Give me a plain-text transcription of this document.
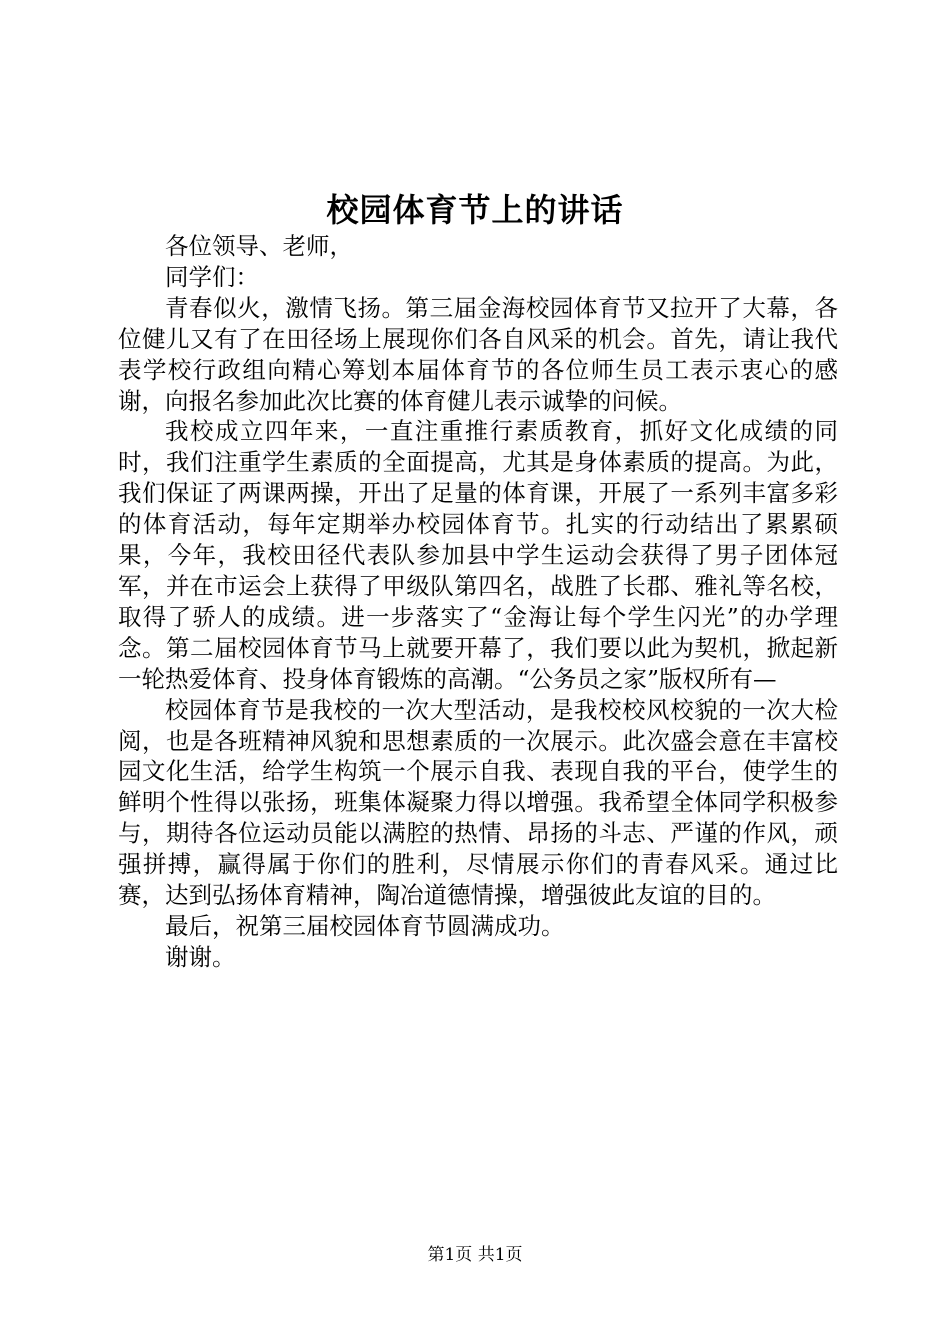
校园体育节上的讲话

各位领导、老师，

同学们：

青春似火，激情飞扬。第三届金海校园体育节又拉开了大幕，各位健儿又有了在田径场上展现你们各自风采的机会。首先，请让我代表学校行政组向精心筹划本届体育节的各位师生员工表示衷心的感谢，向报名参加此次比赛的体育健儿表示诚挚的问候。

我校成立四年来，一直注重推行素质教育，抓好文化成绩的同时，我们注重学生素质的全面提高，尤其是身体素质的提高。为此，我们保证了两课两操，开出了足量的体育课，开展了一系列丰富多彩的体育活动，每年定期举办校园体育节。扎实的行动结出了累累硕果，今年，我校田径代表队参加县中学生运动会获得了男子团体冠军，并在市运会上获得了甲级队第四名，战胜了长郡、雅礼等名校，取得了骄人的成绩。进一步落实了“金海让每个学生闪光”的办学理念。第二届校园体育节马上就要开幕了，我们要以此为契机，掀起新一轮热爱体育、投身体育锻炼的高潮。“公务员之家”版权所有—

校园体育节是我校的一次大型活动，是我校校风校貌的一次大检阅，也是各班精神风貌和思想素质的一次展示。此次盛会意在丰富校园文化生活，给学生构筑一个展示自我、表现自我的平台，使学生的鲜明个性得以张扬，班集体凝聚力得以增强。我希望全体同学积极参与，期待各位运动员能以满腔的热情、昂扬的斗志、严谨的作风，顽强拼搏，赢得属于你们的胜利，尽情展示你们的青春风采。通过比赛，达到弘扬体育精神，陶冶道德情操，增强彼此友谊的目的。

最后，祝第三届校园体育节圆满成功。

谢谢。

第1页 共1页
